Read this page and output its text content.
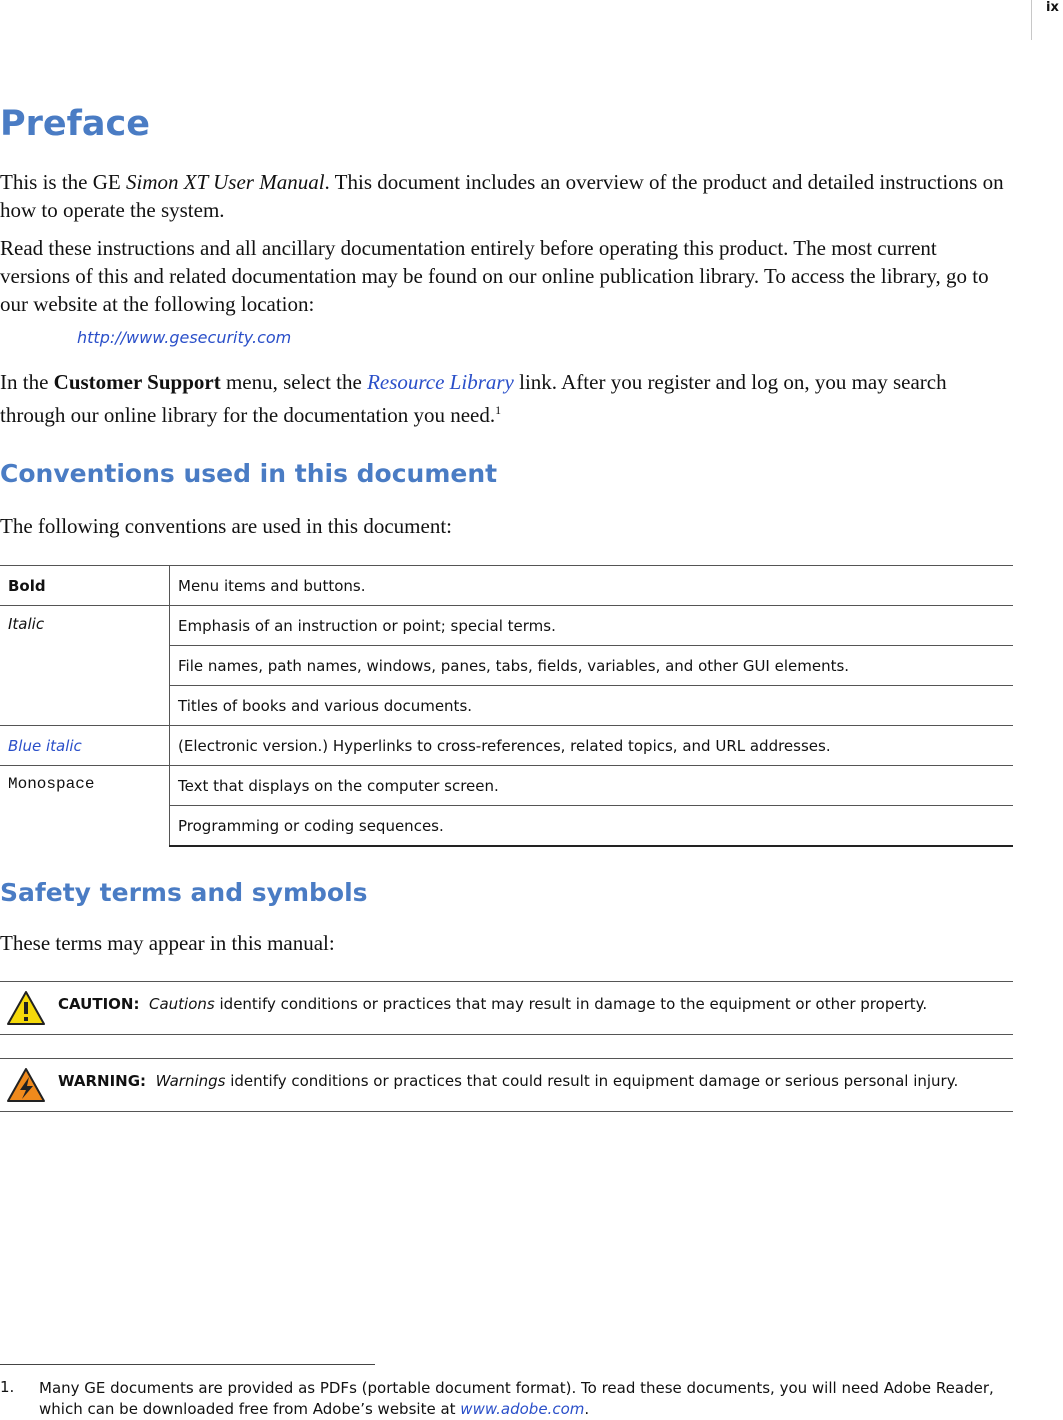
ix
Preface

This is the GE Simon XT User Manual. This document includes an overview of the product and detailed instructions on how to operate the system.

Read these instructions and all ancillary documentation entirely before operating this product. The most current versions of this and related documentation may be found on our online publication library. To access the library, go to our website at the following location:

http://www.gesecurity.com

In the Customer Support menu, select the Resource Library link. After you register and log on, you may search through our online library for the documentation you need.$^1$

Conventions used in this document

The following conventions are used in this document:

Bold	Menu items and buttons.
Italic	Emphasis of an instruction or point; special terms.
	File names, path names, windows, panes, tabs, fields, variables, and other GUI elements.
	Titles of books and various documents.
Blue italic	(Electronic version.) Hyperlinks to cross-references, related topics, and URL addresses.
Monospace	Text that displays on the computer screen.
	Programming or coding sequences.
Safety terms and symbols

These terms may appear in this manual:

CAUTION: Cautions identify conditions or practices that may result in damage to the equipment or other property.
WARNING: Warnings identify conditions or practices that could result in equipment damage or serious personal injury.
1. Many GE documents are provided as PDFs (portable document format). To read these documents, you will need Adobe Reader, which can be downloaded free from Adobe’s website at www.adobe.com.
